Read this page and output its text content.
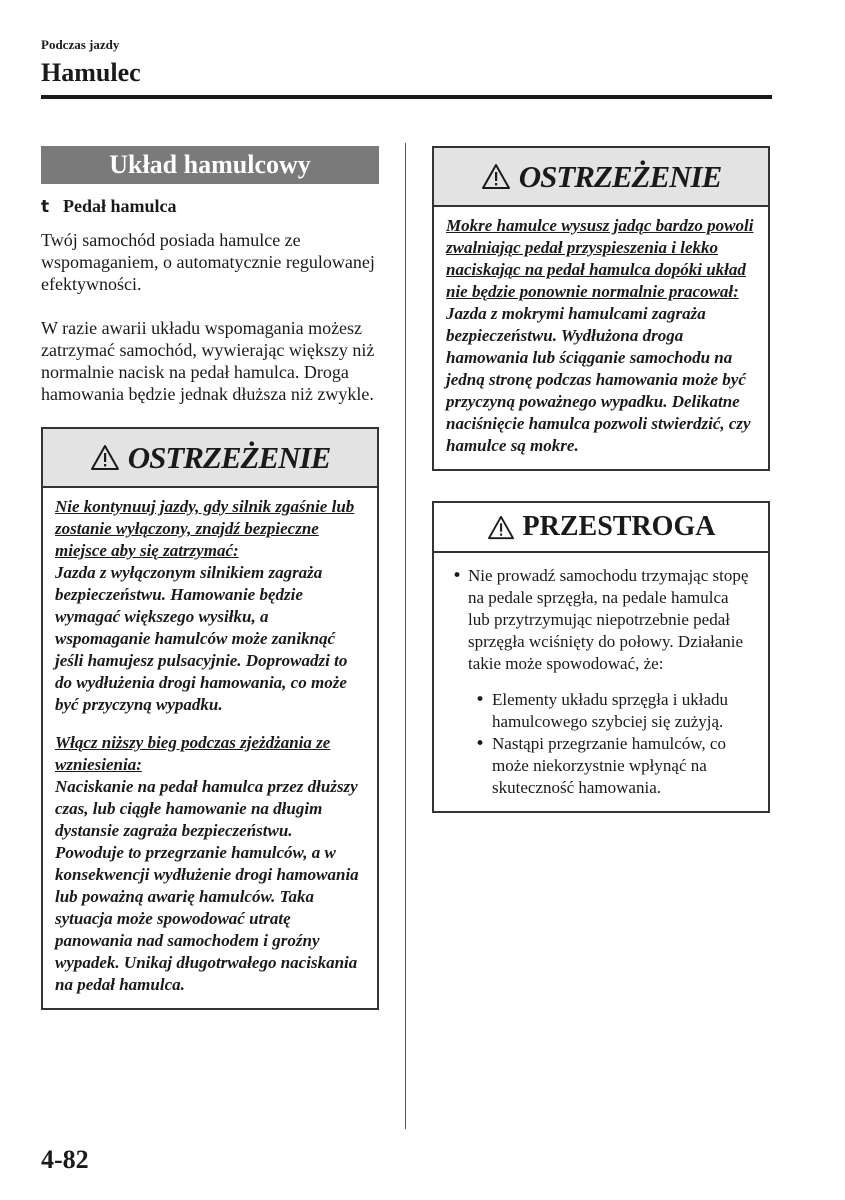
Podczas jazdy
Hamulec
Układ hamulcowy
t Pedał hamulca

Twój samochód posiada hamulce ze wspomaganiem, o automatycznie regulowanej efektywności.

W razie awarii układu wspomagania możesz zatrzymać samochód, wywierając większy niż normalnie nacisk na pedał hamulca. Droga hamowania będzie jednak dłuższa niż zwykle.

OSTRZEŻENIE

Nie kontynuuj jazdy, gdy silnik zgaśnie lub zostanie wyłączony, znajdź bezpieczne miejsce aby się zatrzymać:
Jazda z wyłączonym silnikiem zagraża bezpieczeństwu. Hamowanie będzie wymagać większego wysiłku, a wspomaganie hamulców może zaniknąć jeśli hamujesz pulsacyjnie. Doprowadzi to do wydłużenia drogi hamowania, co może być przyczyną wypadku.

Włącz niższy bieg podczas zjeżdżania ze wzniesienia:
Naciskanie na pedał hamulca przez dłuższy czas, lub ciągłe hamowanie na długim dystansie zagraża bezpieczeństwu. Powoduje to przegrzanie hamulców, a w konsekwencji wydłużenie drogi hamowania lub poważną awarię hamulców. Taka sytuacja może spowodować utratę panowania nad samochodem i groźny wypadek. Unikaj długotrwałego naciskania na pedał hamulca.

OSTRZEŻENIE

Mokre hamulce wysusz jadąc bardzo powoli zwalniając pedał przyspieszenia i lekko naciskając na pedał hamulca dopóki układ nie będzie ponownie normalnie pracował:
Jazda z mokrymi hamulcami zagraża bezpieczeństwu. Wydłużona droga hamowania lub ściąganie samochodu na jedną stronę podczas hamowania może być przyczyną poważnego wypadku. Delikatne naciśnięcie hamulca pozwoli stwierdzić, czy hamulce są mokre.

PRZESTROGA
• Nie prowadź samochodu trzymając stopę na pedale sprzęgła, na pedale hamulca lub przytrzymując niepotrzebnie pedał sprzęgła wciśnięty do połowy. Działanie takie może spowodować, że:
• Elementy układu sprzęgła i układu hamulcowego szybciej się zużyją.
• Nastąpi przegrzanie hamulców, co może niekorzystnie wpłynąć na skuteczność hamowania.
4-82
